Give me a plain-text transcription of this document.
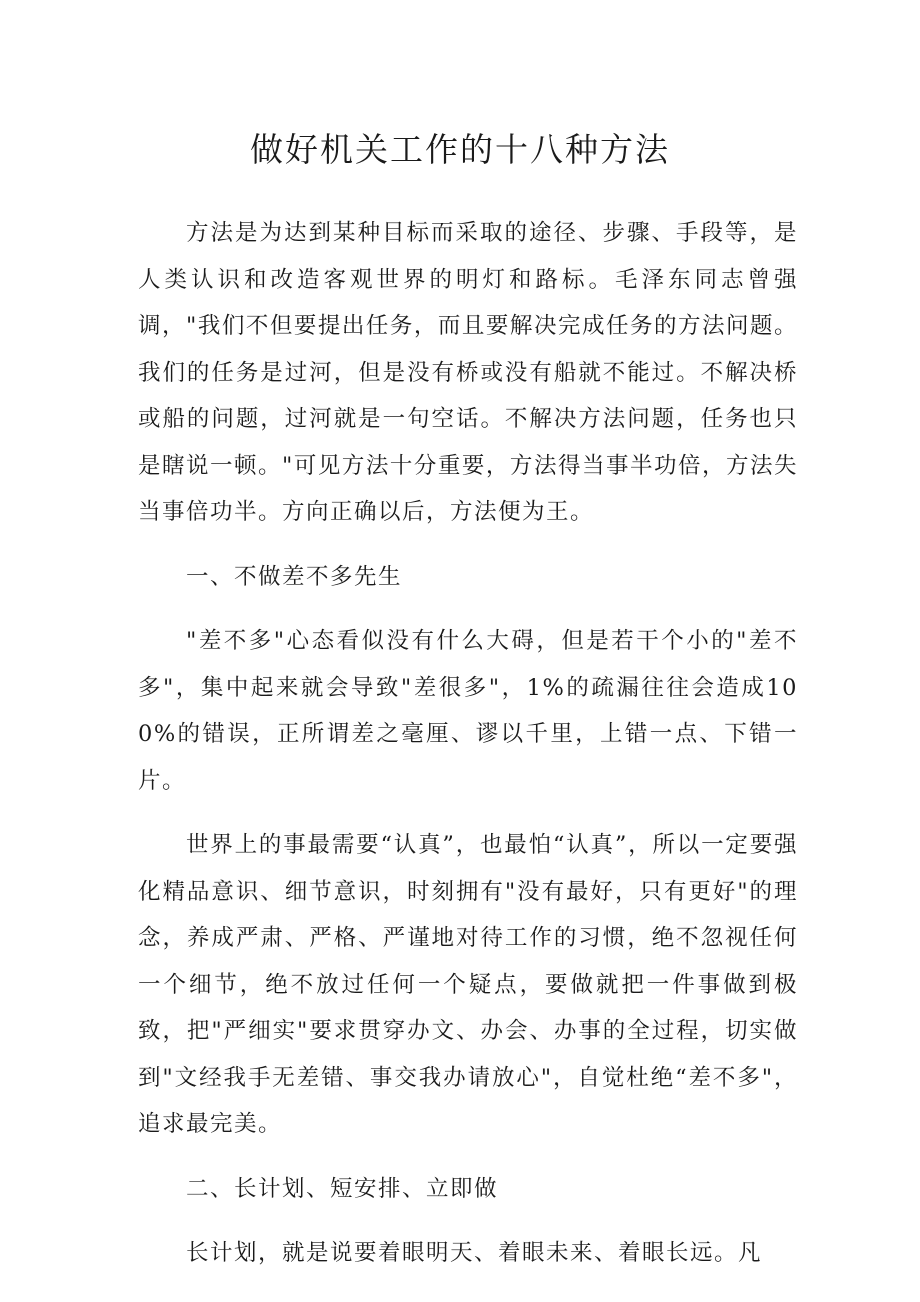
做好机关工作的十八种方法

方法是为达到某种目标而采取的途径、步骤、手段等，是人类认识和改造客观世界的明灯和路标。毛泽东同志曾强调，"我们不但要提出任务，而且要解决完成任务的方法问题。我们的任务是过河，但是没有桥或没有船就不能过。不解决桥或船的问题，过河就是一句空话。不解决方法问题，任务也只是瞎说一顿。"可见方法十分重要，方法得当事半功倍，方法失当事倍功半。方向正确以后，方法便为王。

一、不做差不多先生

"差不多"心态看似没有什么大碍，但是若干个小的"差不多"，集中起来就会导致"差很多"，1%的疏漏往往会造成100%的错误，正所谓差之毫厘、谬以千里，上错一点、下错一片。

世界上的事最需要“认真”，也最怕“认真”，所以一定要强化精品意识、细节意识，时刻拥有"没有最好，只有更好"的理念，养成严肃、严格、严谨地对待工作的习惯，绝不忽视任何一个细节，绝不放过任何一个疑点，要做就把一件事做到极致，把"严细实"要求贯穿办文、办会、办事的全过程，切实做到"文经我手无差错、事交我办请放心"，自觉杜绝“差不多"，追求最完美。

二、长计划、短安排、立即做

长计划，就是说要着眼明天、着眼未来、着眼长远。凡
